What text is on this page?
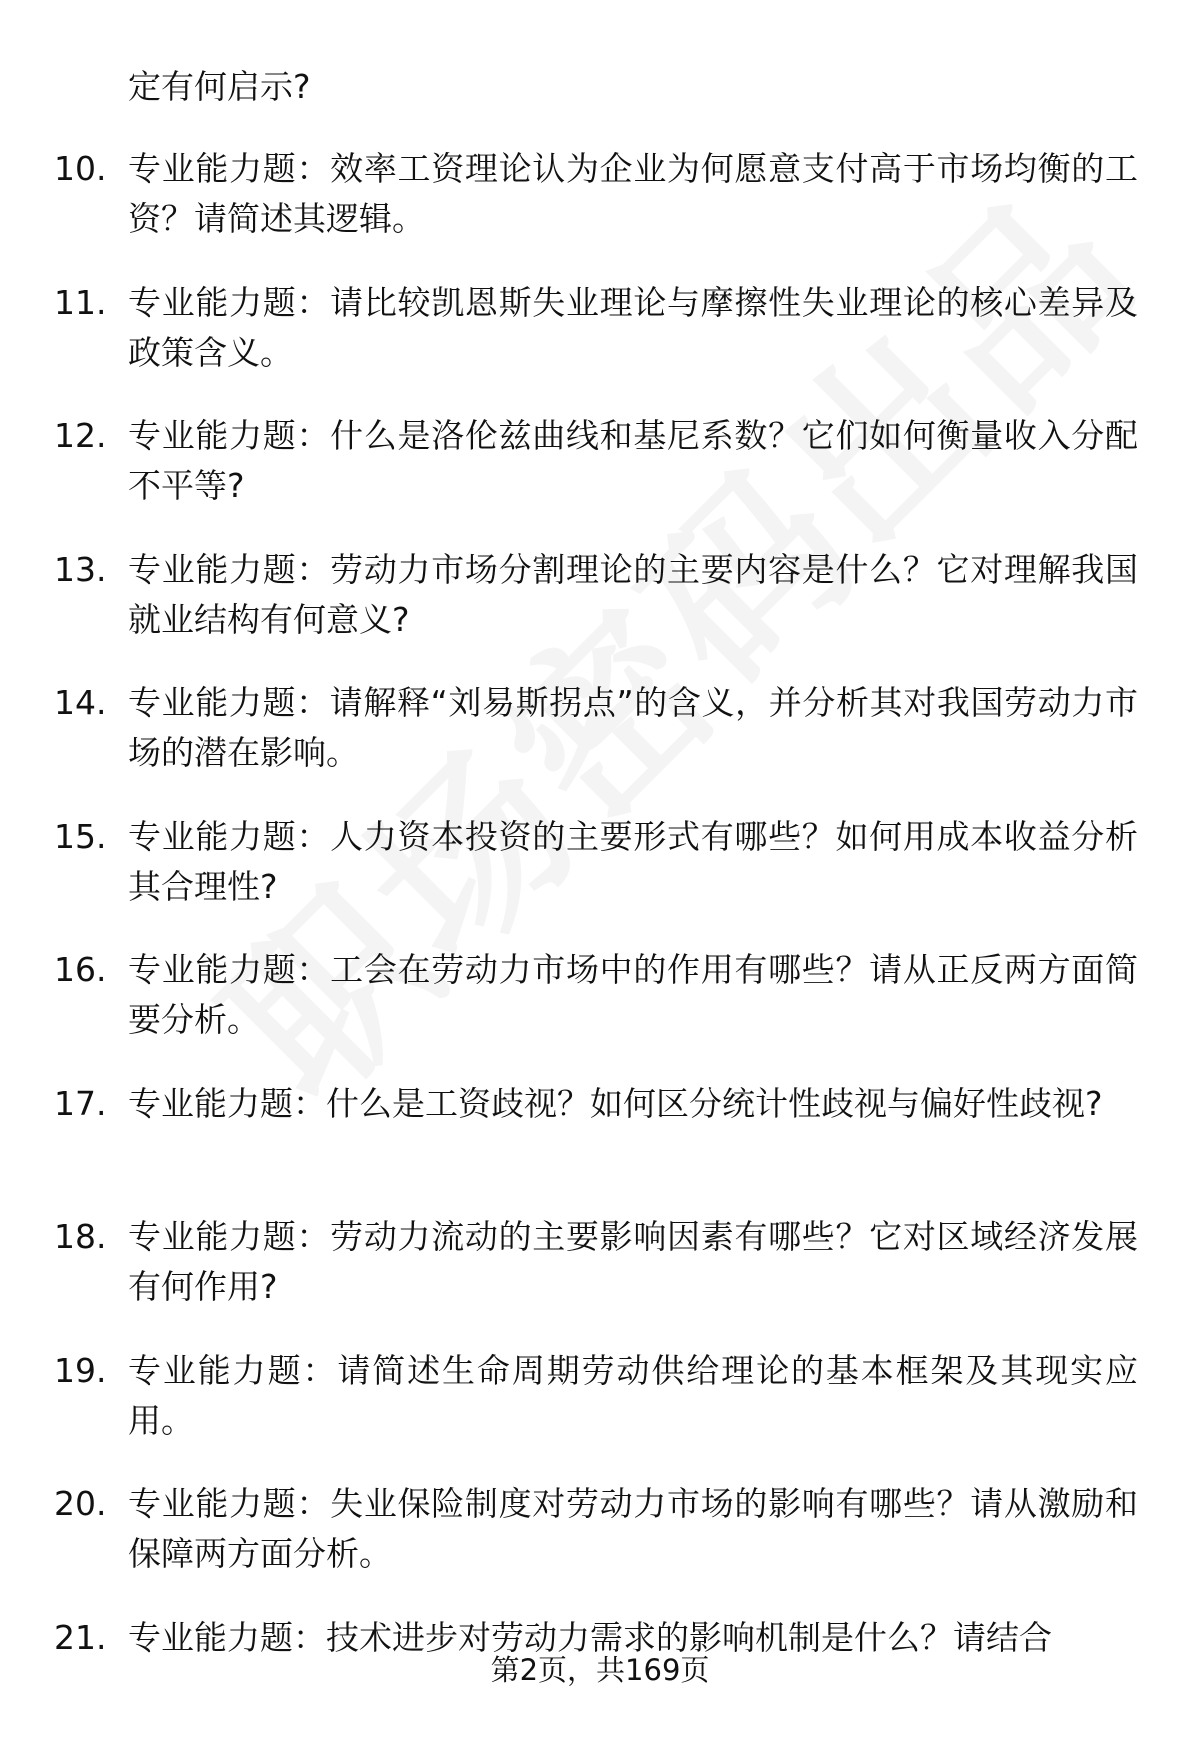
定有何启示?
10. 专业能力题：效率工资理论认为企业为何愿意支付高于市场均衡的工资？请简述其逻辑。
11. 专业能力题：请比较凯恩斯失业理论与摩擦性失业理论的核心差异及政策含义。
12. 专业能力题：什么是洛伦兹曲线和基尼系数？它们如何衡量收入分配不平等?
13. 专业能力题：劳动力市场分割理论的主要内容是什么？它对理解我国就业结构有何意义?
14. 专业能力题：请解释“刘易斯拐点”的含义，并分析其对我国劳动力市场的潜在影响。
15. 专业能力题：人力资本投资的主要形式有哪些？如何用成本收益分析其合理性?
16. 专业能力题：工会在劳动力市场中的作用有哪些？请从正反两方面简要分析。
17. 专业能力题：什么是工资歧视？如何区分统计性歧视与偏好性歧视?
18. 专业能力题：劳动力流动的主要影响因素有哪些？它对区域经济发展有何作用?
19. 专业能力题：请简述生命周期劳动供给理论的基本框架及其现实应用。
20. 专业能力题：失业保险制度对劳动力市场的影响有哪些？请从激励和保障两方面分析。
21. 专业能力题：技术进步对劳动力需求的影响机制是什么？请结合
第2页，共169页
